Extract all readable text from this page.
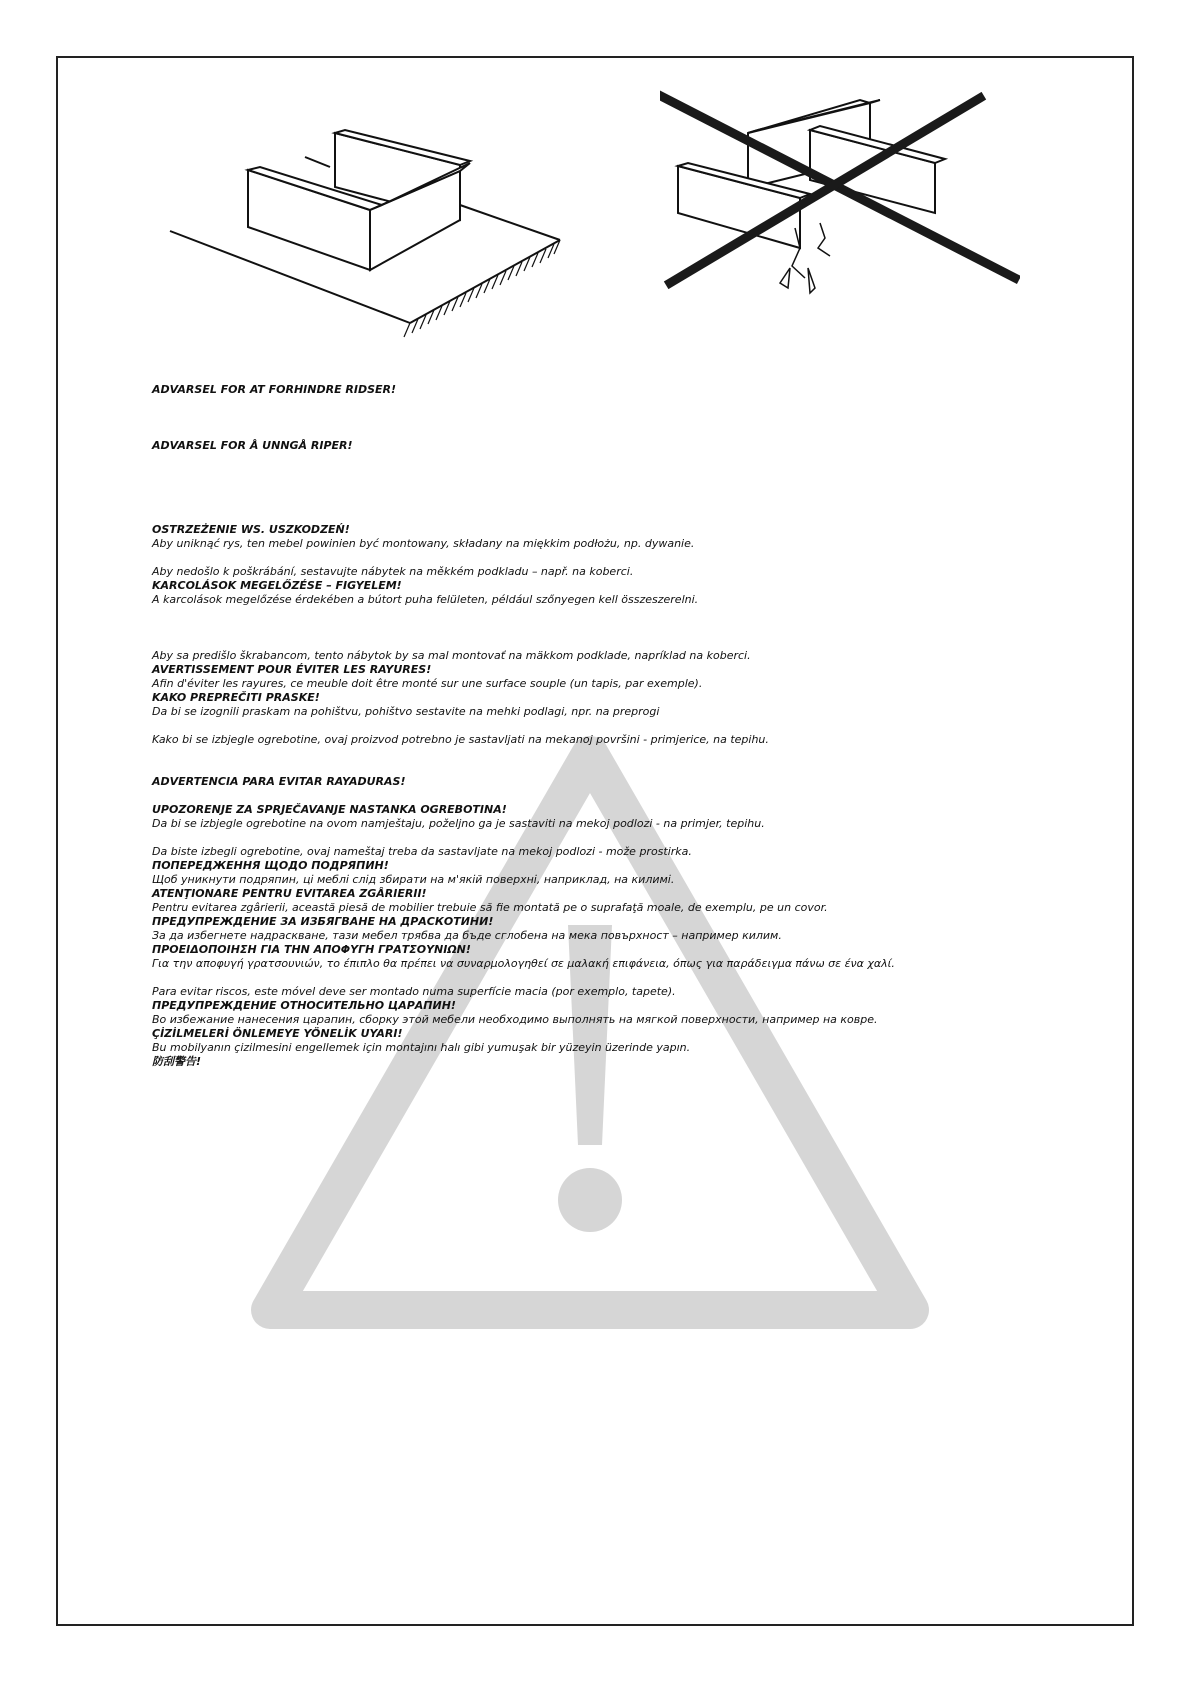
ADVARSEL FOR AT FORHINDRE RIDSER!
ADVARSEL FOR Å UNNGÅ RIPER!
OSTRZEŻENIE WS. USZKODZEŃ!
Aby uniknąć rys, ten mebel powinien być montowany, składany na miękkim podłożu, np. dywanie.
Aby nedošlo k poškrábání, sestavujte nábytek na měkkém podkladu – např. na koberci.
KARCOLÁSOK MEGELŐZÉSE – FIGYELEM!
A karcolások megelőzése érdekében a bútort puha felületen, például szőnyegen kell összeszerelni.
Aby sa predišlo škrabancom, tento nábytok by sa mal montovať na mäkkom podklade, napríklad na koberci.
AVERTISSEMENT POUR ÉVITER LES RAYURES!
Afin d'éviter les rayures, ce meuble doit être monté sur une surface souple (un tapis, par exemple).
KAKO PREPREČITI PRASKE!
Da bi se izognili praskam na pohištvu, pohištvo sestavite na mehki podlagi, npr. na preprogi
Kako bi se izbjegle ogrebotine, ovaj proizvod potrebno je sastavljati na mekanoj površini - primjerice, na tepihu.
ADVERTENCIA PARA EVITAR RAYADURAS!
UPOZORENJE ZA SPRJEČAVANJE NASTANKA OGREBOTINA!
Da bi se izbjegle ogrebotine na ovom namještaju, poželjno ga je sastaviti na mekoj podlozi - na primjer, tepihu.
Da biste izbegli ogrebotine, ovaj nameštaj treba da sastavljate na mekoj podlozi - može prostirka.
ПОПЕРЕДЖЕННЯ ЩОДО ПОДРЯПИН!
Щоб уникнути подряпин, ці меблі слід збирати на м'якій поверхні, наприклад, на килимі.
ATENŢIONARE PENTRU EVITAREA ZGÂRIERII!
Pentru evitarea zgârierii, această piesă de mobilier trebuie să fie montată pe o suprafaţă moale, de exemplu, pe un covor.
ПРЕДУПРЕЖДЕНИЕ ЗА ИЗБЯГВАНЕ НА ДРАСКОТИНИ!
За да избегнете надраскване, тази мебел трябва да бъде сглобена на мека повърхност – например килим.
ΠΡΟΕΙΔΟΠΟΙΗΣΗ ΓΙΑ ΤΗΝ ΑΠΟΦΥΓΗ ΓΡΑΤΣΟΥΝΙΩΝ!
Για την αποφυγή γρατσουνιών, το έπιπλο θα πρέπει να συναρμολογηθεί σε μαλακή επιφάνεια, όπως για παράδειγμα πάνω σε ένα χαλί.
Para evitar riscos, este móvel deve ser montado numa superfície macia (por exemplo, tapete).
ПРЕДУПРЕЖДЕНИЕ ОТНОСИТЕЛЬНО ЦАРАПИН!
Во избежание нанесения царапин, сборку этой мебели необходимо выполнять на мягкой поверхности, например на ковре.
ÇİZİLMELERİ ÖNLEMEYE YÖNELİK UYARI!
Bu mobilyanın çizilmesini engellemek için montajını halı gibi yumuşak bir yüzeyin üzerinde yapın.
防刮警告!
